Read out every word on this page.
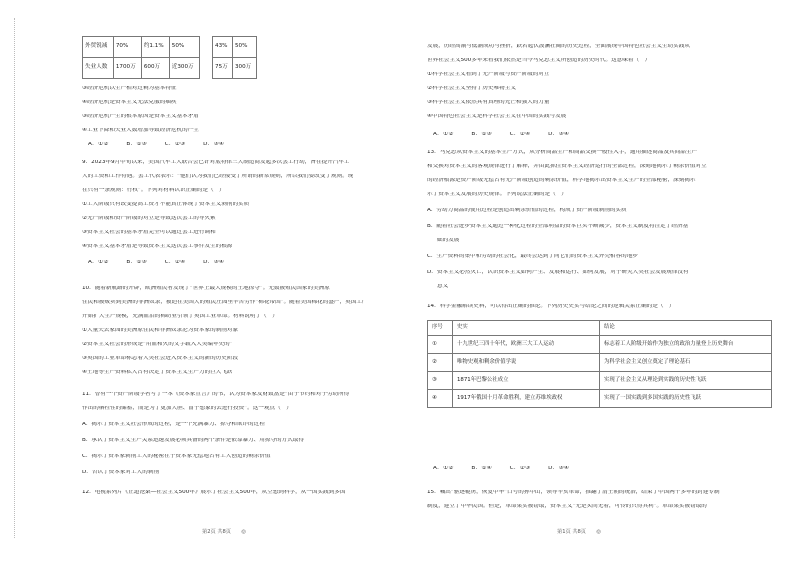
外贸锐减	70%	约1.1%	50%		43%	50%
失业人数	1700万	600万	近300万		75万	300万
③经济危机以生产相对过剩为基本特征
④经济危机是资本主义无法克服的痼疾
③经济危机产生的根本原因是资本主义基本矛盾
④工业下降和失业人数增加导致经济危机的产生
A．①②　　　B．①③　　　C．②③　　　D．③④
9．2023年9月中旬以来，美国汽车工人联合会已针对底特律三大制造商发起多次罢工行动，旨在提升汽车工
人的工资和工作待遇。罢工代表表示：“他们认为我们已经接受了所谓的新常规则，所以我们要改变了规则。现
在只有一条规则：行权”。下列对材料认识正确的是（　）
①工人阶级只有改变提高工资才不能真正体现了资本主义剥削的实质
②无产阶级和资产阶级的对立是导致这次罢工的导火索
③资本主义社会的基本矛盾完全可以通过罢工进行调和
④资本主义基本矛盾是导致资本主义这次罢工事件发生的根源
A．①②　　　B．①③　　　C．②④　　　D．③④
10．随着新航路的开辟，欧洲殖民者发现了“世界上最大规模的土地掠夺”。无数被殖民国家的美洲原
住民和被贩卖到美洲的非洲奴隶，被迫在美国大的殖民庄园里辛苦劳作“棉花帝国”。随着美国棉花的盛产，英国工厂
开始扩大生产规模，充满血泪的棉纺业引领了英国工业革命。材料说明了（　）
①大量失去家园的美洲原住民和非洲奴隶沦为资本家的剥削对象
②资本主义社会的形成是“用血和火的文字载入人类编年史的”
③英国的工业革命标志着人类社会进入资本主义的新的历史阶段
④土地等生产资料私人占有决定了资本主义生产力的巨大飞跃
11．曾有一个资产阶级学者写了一本《资本家宣言》的书，认为资本家发财致富是“由于节约和对于劳动所得
作出的牺牲性的储蓄，而是为了更加大胆、富于想象的去进行投资”。这一观点（　）
A．揭示了资本主义社会形成的过程，是一个充满暴力、掠夺和欺诈的过程
B．承认了资本主义生产关系迅速发展必须具备的两个条件是依靠暴力、用掠夺的方式取得
C．揭示了资本家剥削工人的秘密在于资本家无偿地占有工人创造的剩余价值
D．否认了资本家对工人的剥削
12．电视系列片《正道沧桑—社会主义500年》展示了社会主义500年，从空想到科学，从一国实践到多国
第2页 共8页　　◎
发展，历经高潮与低潮成功与挫折，跌宕起伏波澜壮阔的历史过程，全面展现中国特色社会主义生动实践从
世界社会主义500多年来看我们依然是当今马克思主义所创造的历史时代。这意味着（　）
①科学社会主义看到了无产阶级与资产阶级的对立
②科学社会主义坚持了历史唯物主义
③科学社会主义依然具有真理的光芒和强大的力量
④中国特色社会主义是科学社会主义在中国的实践与发展
A．①②　　　B．①③　　　C．②④　　　D．③④
13．马克思从资本主义的基本生产方式，从分析商品生产和商品交换一般性入手，通用描述商品及其商品生产
和交换对资本主义的客观规律进行了解释，并由此抓住资本主义经济运行的全部过程，深刻地揭示了剩余价值对立
的经济根源是资产阶级无偿占有无产阶级创造的剩余价值，科学地揭示出资本主义生产的全部秘密，深刻揭示
示了资本主义发展的历史规律。下列说法正确的是（　）
A．劳动力商品的使用过程是创造出剩余价值的过程，构成了资产阶级剥削的实质
B．随着社会进步资本主义通过一种化过程的全部利益的资本巨头不断减少，资本主义制度将注定了经济基
础的发展
C．生产资料的集中和劳动的社会化，最终会达到了同它们的资本主义外壳相容的地步
D．资本主义必然灭亡，认识资本主义如何产生、发展和运行、如何发展，对于研究人类社会发展规律没有
意义
14．科学金融解读史料，可以得出正确的推论。下列历史史实与结论之间的逻辑关系正确的是（　）
序号	史实	结论
①	十九世纪三四十年代，欧洲三大工人运动	标志着工人阶级开始作为独立的政治力量登上历史舞台
②	唯物史观和剩余价值学说	为科学社会主义创立奠定了理论基石
③	1871年巴黎公社成立	实现了社会主义从理论到实践的历史性飞跃
④	1917年俄国十月革命胜利，建立苏维埃政权	实现了一国实践到多国实践的历史性飞跃
A．①②　　　B．①④　　　C．②③　　　D．③④
15．喊出“驱逐鞑虏，恢复中华”口号的孙中山，领导辛亥革命，推翻了清王朝的统治，结束了中国两千多年的封建专制
制度，建立了中华民国。但是，革命果实被窃取，资本主义“无是头尚无着，可怜的只得其利”。革命果实被窃取的
第1页 共8页　　◎
